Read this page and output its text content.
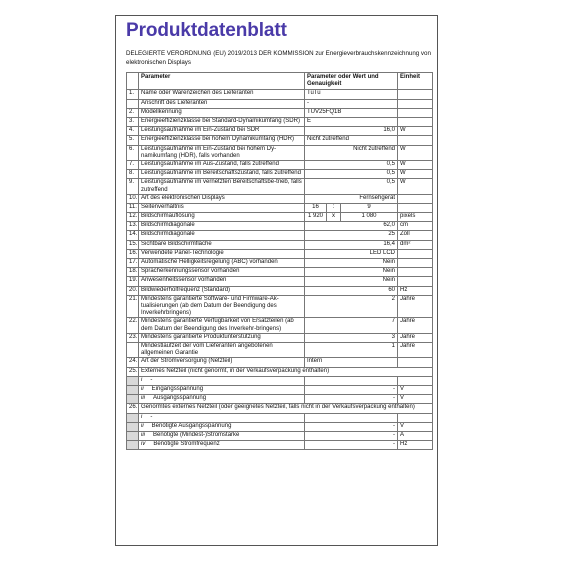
Produktdatenblatt
DELEGIERTE VERORDNUNG (EU) 2019/2013 DER KOMMISSION zur Energieverbrauchskennzeichnung von elektronischen Displays
	Parameter	Parameter oder Wert und Genauigkeit			Einheit
1.	Name oder Warenzeichen des Lieferanten	TuTu			
	Anschrift des Lieferanten	-			
2.	Modellkennung	TUV25FQ1B			
3.	Energieeffizienzklasse bei Standard-Dynamikumfang (SDR)	E			
4.	Leistungsaufnahme im Ein-Zustand bei SDR	16,0			W
5.	Energieeffizienzklasse bei hohem Dynamikumfang (HDR)	Nicht zutreffend			
6.	Leistungsaufnahme im Ein-Zustand bei hohem Dy-namikumfang (HDR), falls vorhanden	Nicht zutreffend			W
7.	Leistungsaufnahme im Aus-Zustand, falls zutreffend	0,5			W
8.	Leistungsaufnahme im Bereitschaftszustand, falls zutreffend	0,5			W
9.	Leistungsaufnahme im vernetzten Bereitschaftsbe-trieb, falls zutreffend	0,5			W
10.	Art des elektronischen Displays	Fernsehgerät			
11.	Seitenverhältnis	16	:	9	
12.	Bildschirmauflösung	1 920	x	1 080	pixels
13.	Bildschirmdiagonale	62,0			cm
14.	Bildschirmdiagonale	25			Zoll
15.	Sichtbare Bildschirmfläche	16,4			dm²
16.	Verwendete Panel-Technologie	LED LCD			
17.	Automatische Helligkeitsregelung (ABC) vorhanden	Nein			
18.	Spracherkennungssensor vorhanden	Nein			
19.	Anwesenheitssensor vorhanden	Nein			
20.	Bildwiederholfrequenz (Standard)	60			Hz
21.	Mindestens garantierte Software- und Firmware-Ak-tualisierungen (ab dem Datum der Beendigung des Inverkehrbringens)	2			Jahre
22.	Mindestens garantierte Verfügbarkeit von Ersatzteilen (ab dem Datum der Beendigung des Inverkehr-bringens)	7			Jahre
23.	Mindestens garantierte Produktunterstützung	3			Jahre
	Mindestlaufzeit der vom Lieferanten angebotenen allgemeinen Garantie	1			Jahre
24.	Art der Stromversorgung (Netzteil)	Intern			
25.	Externes Netzteil (nicht genormt, in der Verkaufsverpackung enthalten)				

	i -				

	ii Eingangsspannung	-			V

	iii Ausgangsspannung	-			V
26.	Genormtes externes Netzteil (oder geeignetes Netzteil, falls nicht in der Verkaufsverpackung enthalten)				

	i -				

	ii Benötigte Ausgangsspannung	-			V

	iii Benötigte (Mindest-)Stromstärke	-			A

	iv Benötigte Stromfrequenz	-			Hz
